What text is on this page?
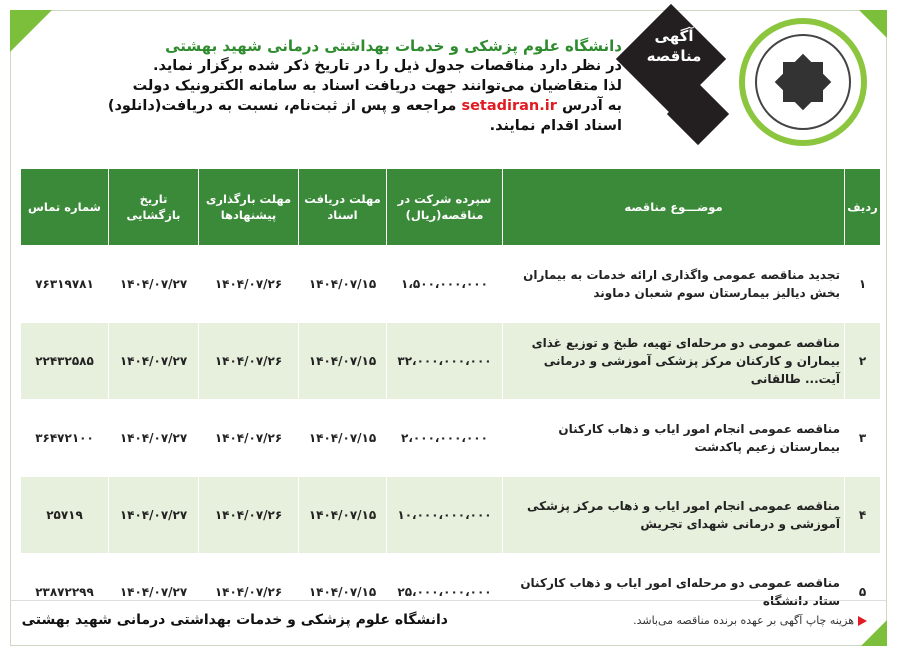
آگهی
مناقصه
دانشگاه علوم پزشکی و خدمات بهداشتی درمانی شهید بهشتی
در نظر دارد مناقصات جدول ذیل را در تاریخ ذکر شده برگزار نماید.
لذا متقاضیان می‌توانند جهت دریافت اسناد به سامانه الکترونیک دولت
به آدرس setadiran.ir مراجعه و پس از ثبت‌نام، نسبت به دریافت(دانلود)
اسناد اقدام نمایند.
ردیف	موضـــوع مناقصه	سپرده شرکت در مناقصه(ریال)	مهلت دریافت اسناد	مهلت بارگذاری پیشنهادها	تاریخ بازگشایی	شماره تماس
۱	تجدید مناقصه عمومی واگذاری ارائه خدمات به بیماران بخش دیالیز بیمارستان سوم شعبان دماوند	۱،۵۰۰،۰۰۰،۰۰۰	۱۴۰۴/۰۷/۱۵	۱۴۰۴/۰۷/۲۶	۱۴۰۴/۰۷/۲۷	۷۶۳۱۹۷۸۱
۲	مناقصه عمومی دو مرحله‌ای تهیه، طبخ و توزیع غذای بیماران و کارکنان مرکز پزشکی آموزشی و درمانی آیت‌... طالقانی	۳۲،۰۰۰،۰۰۰،۰۰۰	۱۴۰۴/۰۷/۱۵	۱۴۰۴/۰۷/۲۶	۱۴۰۴/۰۷/۲۷	۲۲۴۳۲۵۸۵
۳	مناقصه عمومی انجام امور ایاب و ذهاب کارکنان بیمارستان زعیم پاکدشت	۲،۰۰۰،۰۰۰،۰۰۰	۱۴۰۴/۰۷/۱۵	۱۴۰۴/۰۷/۲۶	۱۴۰۴/۰۷/۲۷	۳۶۴۷۲۱۰۰
۴	مناقصه عمومی انجام امور ایاب و ذهاب مرکز پزشکی آموزشی و درمانی شهدای تجریش	۱۰،۰۰۰،۰۰۰،۰۰۰	۱۴۰۴/۰۷/۱۵	۱۴۰۴/۰۷/۲۶	۱۴۰۴/۰۷/۲۷	۲۵۷۱۹
۵	مناقصه عمومی دو مرحله‌ای امور ایاب و ذهاب کارکنان ستاد دانشگاه	۲۵،۰۰۰،۰۰۰،۰۰۰	۱۴۰۴/۰۷/۱۵	۱۴۰۴/۰۷/۲۶	۱۴۰۴/۰۷/۲۷	۲۳۸۷۲۲۹۹
هزینه چاپ آگهی بر عهده برنده مناقصه می‌باشد.
دانشگاه علوم پزشکی و خدمات بهداشتی درمانی شهید بهشتی
